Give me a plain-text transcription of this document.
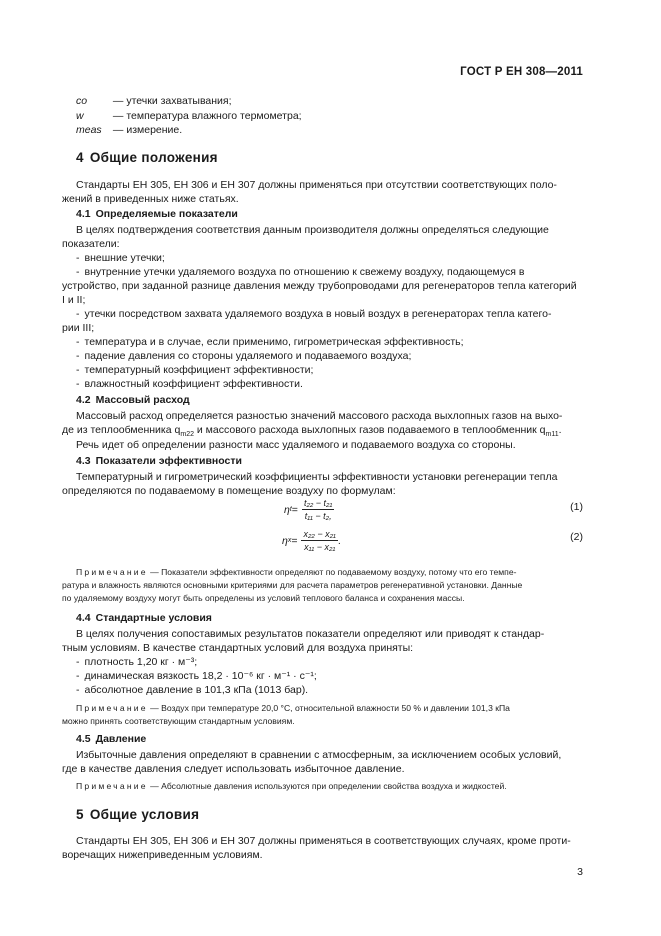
ГОСТ Р ЕН 308—2011
co — утечки захватывания;
w	— температура влажного термометра;
meas — измерение.
4 Общие положения
Стандарты ЕН 305, ЕН 306 и ЕН 307 должны применяться при отсутствии соответствующих поло-
жений в приведенных ниже статьях.
4.1 Определяемые показатели
В целях подтверждения соответствия данным производителя должны определяться следующие
показатели:
- внешние утечки;
- внутренние утечки удаляемого воздуха по отношению к свежему воздуху, подающемуся в
устройство, при заданной разнице давления между трубопроводами для регенераторов тепла категорий
I и II;
- утечки посредством захвата удаляемого воздуха в новый воздух в регенераторах тепла катего-
рии III;
- температура и в случае, если применимо, гигрометрическая эффективность;
- падение давления со стороны удаляемого и подаваемого воздуха;
- температурный коэффициент эффективности;
- влажностный коэффициент эффективности.
4.2 Массовый расход
Массовый расход определяется разностью значений массового расхода выхлопных газов на выхо-
де из теплообменника $q_{m22}$ и массового расхода выхлопных газов подаваемого в теплообменник $q_{m11}$.
Речь идет об определении разности масс удаляемого и подаваемого воздуха со стороны.
4.3 Показатели эффективности
Температурный и гигрометрический коэффициенты эффективности установки регенерации тепла
определяются по подаваемому в помещение воздуху по формулам:
η $t = \frac{\text{t₂₂ − t₂₁}}{\text{t₁₁ − t₂,}}$	(1)
η $x = \frac{\text{x₂₂ − x₂₁}}{\text{x₁₁ − x₂₁}}$ .	(2)
Примечание — Показатели эффективности определяют по подаваемому воздуху, потому что его темпе-
ратура и влажность являются основными критериями для расчета параметров регенеративной установки. Данные
по удаляемому воздуху могут быть определены из условий теплового баланса и сохранения массы.
4.4 Стандартные условия
В целях получения сопоставимых результатов показатели определяют или приводят к стандар-
тным условиям. В качестве стандартных условий для воздуха приняты:
- плотность 1,20 кг · м⁻³;
- динамическая вязкость 18,2 · 10⁻⁶ кг · м⁻¹ · с⁻¹;
- абсолютное давление в 101,3 кПа (1013 бар).
Примечание — Воздух при температуре 20,0 °С, относительной влажности 50 % и давлении 101,3 кПа
можно принять соответствующим стандартным условиям.
4.5 Давление
Избыточные давления определяют в сравнении с атмосферным, за исключением особых условий,
где в качестве давления следует использовать избыточное давление.
Примечание — Абсолютные давления используются при определении свойства воздуха и жидкостей.
5 Общие условия
Стандарты ЕН 305, ЕН 306 и ЕН 307 должны применяться в соответствующих случаях, кроме проти-
воречащих нижеприведенным условиям.
3
